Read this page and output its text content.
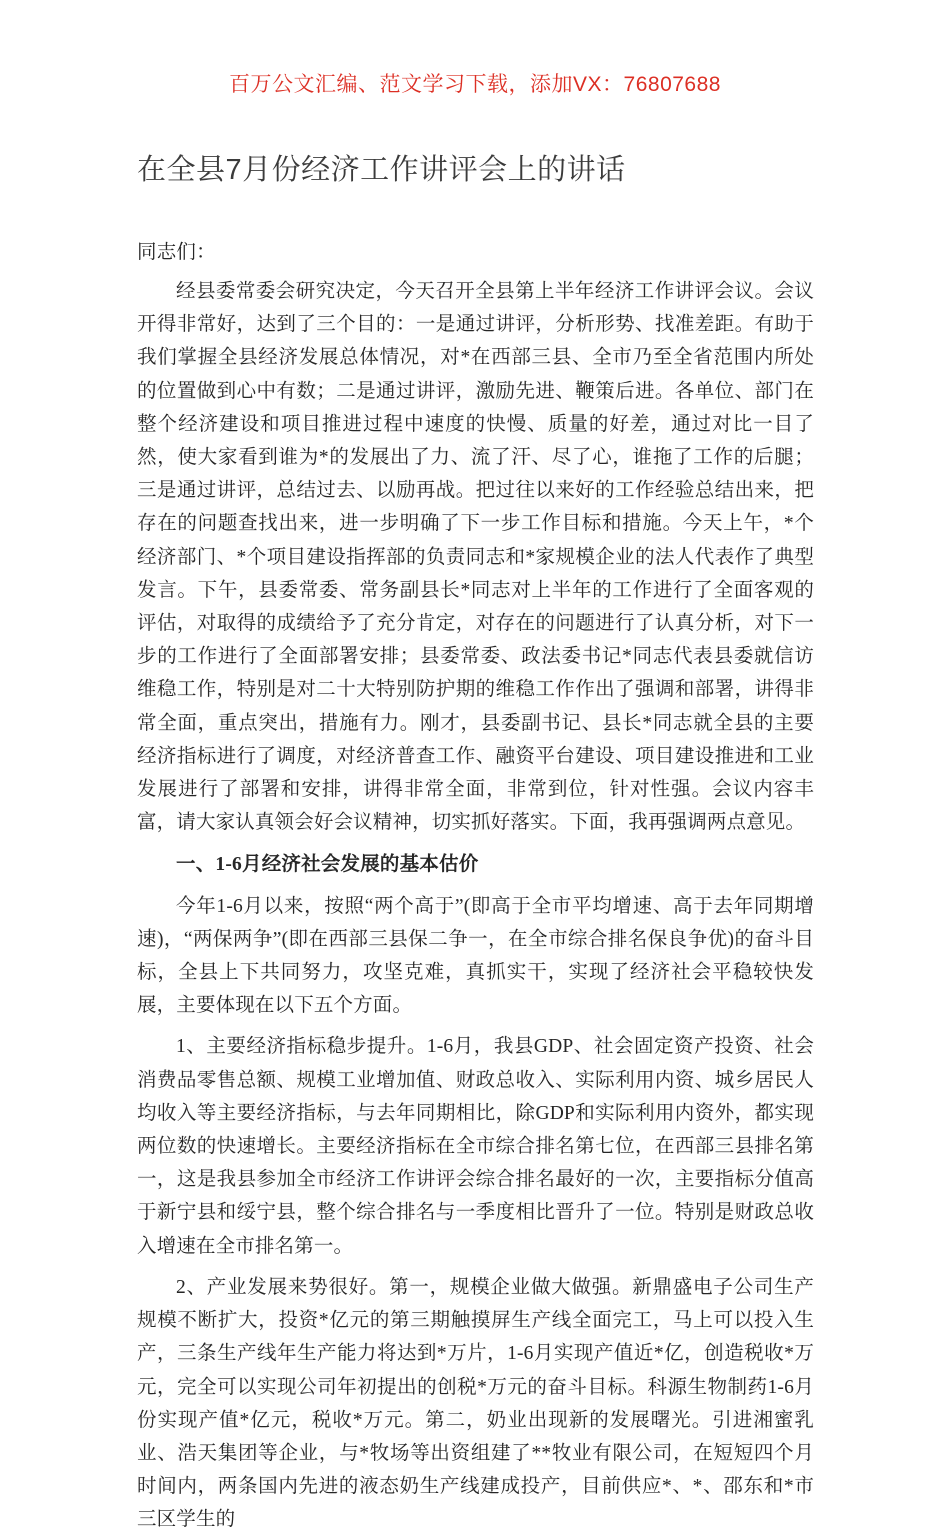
百万公文汇编、范文学习下载，添加VX：76807688
在全县7月份经济工作讲评会上的讲话
同志们：

经县委常委会研究决定，今天召开全县第上半年经济工作讲评会议。会议开得非常好，达到了三个目的：一是通过讲评，分析形势、找准差距。有助于我们掌握全县经济发展总体情况，对*在西部三县、全市乃至全省范围内所处的位置做到心中有数；二是通过讲评，激励先进、鞭策后进。各单位、部门在整个经济建设和项目推进过程中速度的快慢、质量的好差，通过对比一目了然，使大家看到谁为*的发展出了力、流了汗、尽了心，谁拖了工作的后腿；三是通过讲评，总结过去、以励再战。把过往以来好的工作经验总结出来，把存在的问题查找出来，进一步明确了下一步工作目标和措施。今天上午，*个经济部门、*个项目建设指挥部的负责同志和*家规模企业的法人代表作了典型发言。下午，县委常委、常务副县长*同志对上半年的工作进行了全面客观的评估，对取得的成绩给予了充分肯定，对存在的问题进行了认真分析，对下一步的工作进行了全面部署安排；县委常委、政法委书记*同志代表县委就信访维稳工作，特别是对二十大特别防护期的维稳工作作出了强调和部署，讲得非常全面，重点突出，措施有力。刚才，县委副书记、县长*同志就全县的主要经济指标进行了调度，对经济普查工作、融资平台建设、项目建设推进和工业发展进行了部署和安排，讲得非常全面，非常到位，针对性强。会议内容丰富，请大家认真领会好会议精神，切实抓好落实。下面，我再强调两点意见。

一、1-6月经济社会发展的基本估价

今年1-6月以来，按照“两个高于”(即高于全市平均增速、高于去年同期增速)，“两保两争”(即在西部三县保二争一，在全市综合排名保良争优)的奋斗目标，全县上下共同努力，攻坚克难，真抓实干，实现了经济社会平稳较快发展，主要体现在以下五个方面。

1、主要经济指标稳步提升。1-6月，我县GDP、社会固定资产投资、社会消费品零售总额、规模工业增加值、财政总收入、实际利用内资、城乡居民人均收入等主要经济指标，与去年同期相比，除GDP和实际利用内资外，都实现两位数的快速增长。主要经济指标在全市综合排名第七位，在西部三县排名第一，这是我县参加全市经济工作讲评会综合排名最好的一次，主要指标分值高于新宁县和绥宁县，整个综合排名与一季度相比晋升了一位。特别是财政总收入增速在全市排名第一。

2、产业发展来势很好。第一，规模企业做大做强。新鼎盛电子公司生产规模不断扩大，投资*亿元的第三期触摸屏生产线全面完工，马上可以投入生产，三条生产线年生产能力将达到*万片，1-6月实现产值近*亿，创造税收*万元，完全可以实现公司年初提出的创税*万元的奋斗目标。科源生物制药1-6月份实现产值*亿元，税收*万元。第二，奶业出现新的发展曙光。引进湘蜜乳业、浩天集团等企业，与*牧场等出资组建了**牧业有限公司，在短短四个月时间内，两条国内先进的液态奶生产线建成投产，目前供应*、*、邵东和*市三区学生的
